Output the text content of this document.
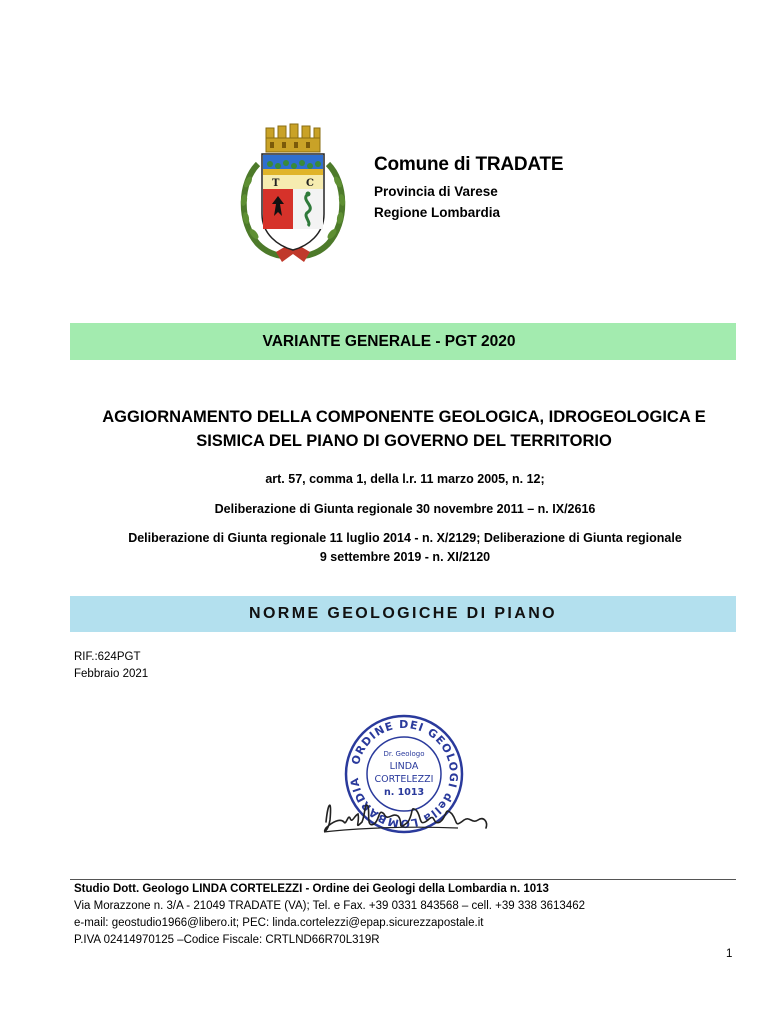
T	C
Comune di TRADATE
Provincia di Varese
Regione Lombardia
VARIANTE GENERALE - PGT 2020
AGGIORNAMENTO DELLA COMPONENTE GEOLOGICA, IDROGEOLOGICA E
SISMICA DEL PIANO DI GOVERNO DEL TERRITORIO
art. 57, comma 1, della l.r. 11 marzo 2005, n. 12;
Deliberazione di Giunta regionale 30 novembre 2011 – n. IX/2616
Deliberazione di Giunta regionale 11 luglio 2014 - n. X/2129; Deliberazione di Giunta regionale
9 settembre 2019 - n. XI/2120
NORME GEOLOGICHE DI PIANO
RIF.:624PGT
Febbraio 2021
ORDINE DEI GEOLOGI della LOMBARDIA
Dr. Geologo
LINDA
CORTELEZZI
n. 1013
Studio Dott. Geologo LINDA CORTELEZZI - Ordine dei Geologi della Lombardia n. 1013
Via Morazzone n. 3/A - 21049 TRADATE (VA); Tel. e Fax. +39 0331 843568 – cell. +39 338 3613462
e-mail: geostudio1966@libero.it; PEC: linda.cortelezzi@epap.sicurezzapostale.it
P.IVA 02414970125 –Codice Fiscale: CRTLND66R70L319R
1
